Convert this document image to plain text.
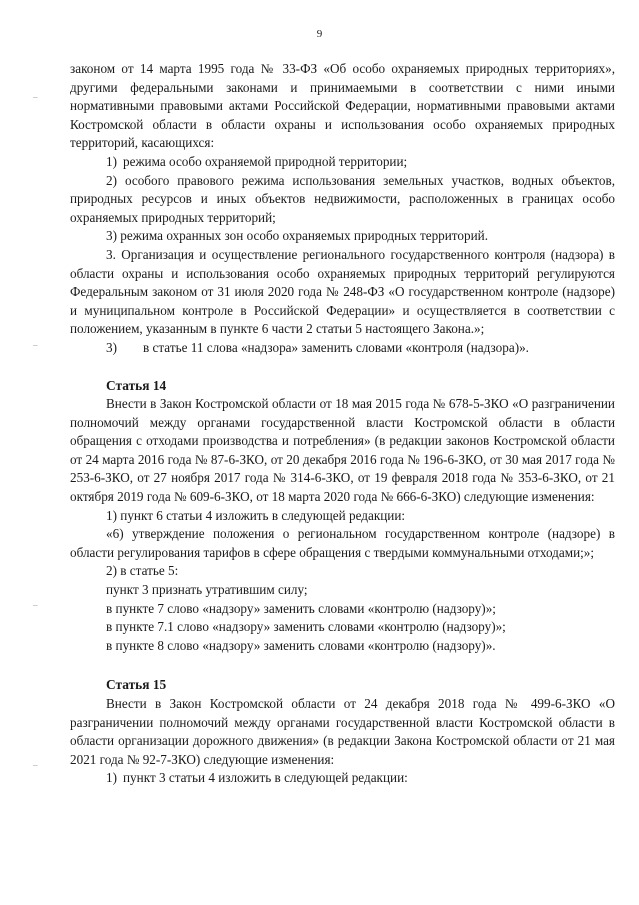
9
–
–
–
–

законом от 14 марта 1995 года № 33-ФЗ «Об особо охраняемых природных территориях», другими федеральными законами и принимаемыми в соответствии с ними иными нормативными правовыми актами Российской Федерации, нормативными правовыми актами Костромской области в области охраны и использования особо охраняемых природных территорий, касающихся:

1) режима особо охраняемой природной территории;

2) особого правового режима использования земельных участков, водных объектов, природных ресурсов и иных объектов недвижимости, расположенных в границах особо охраняемых природных территорий;

3) режима охранных зон особо охраняемых природных территорий.

3. Организация и осуществление регионального государственного контроля (надзора) в области охраны и использования особо охраняемых природных территорий регулируются Федеральным законом от 31 июля 2020 года № 248-ФЗ «О государственном контроле (надзоре) и муниципальном контроле в Российской Федерации» и осуществляется в соответствии с положением, указанным в пункте 6 части 2 статьи 5 настоящего Закона.»;

3) в статье 11 слова «надзора» заменить словами «контроля (надзора)».

Статья 14

Внести в Закон Костромской области от 18 мая 2015 года № 678-5-ЗКО «О разграничении полномочий между органами государственной власти Костромской области в области обращения с отходами производства и потребления» (в редакции законов Костромской области от 24 марта 2016 года № 87-6-ЗКО, от 20 декабря 2016 года № 196-6-ЗКО, от 30 мая 2017 года № 253-6-ЗКО, от 27 ноября 2017 года № 314-6-ЗКО, от 19 февраля 2018 года № 353-6-ЗКО, от 21 октября 2019 года № 609-6-ЗКО, от 18 марта 2020 года № 666-6-ЗКО) следующие изменения:

1) пункт 6 статьи 4 изложить в следующей редакции:

«6) утверждение положения о региональном государственном контроле (надзоре) в области регулирования тарифов в сфере обращения с твердыми коммунальными отходами;»;

2) в статье 5:

пункт 3 признать утратившим силу;

в пункте 7 слово «надзору» заменить словами «контролю (надзору)»;

в пункте 7.1 слово «надзору» заменить словами «контролю (надзору)»;

в пункте 8 слово «надзору» заменить словами «контролю (надзору)».

Статья 15

Внести в Закон Костромской области от 24 декабря 2018 года № 499-6-ЗКО «О разграничении полномочий между органами государственной власти Костромской области в области организации дорожного движения» (в редакции Закона Костромской области от 21 мая 2021 года № 92-7-ЗКО) следующие изменения:

1) пункт 3 статьи 4 изложить в следующей редакции:
